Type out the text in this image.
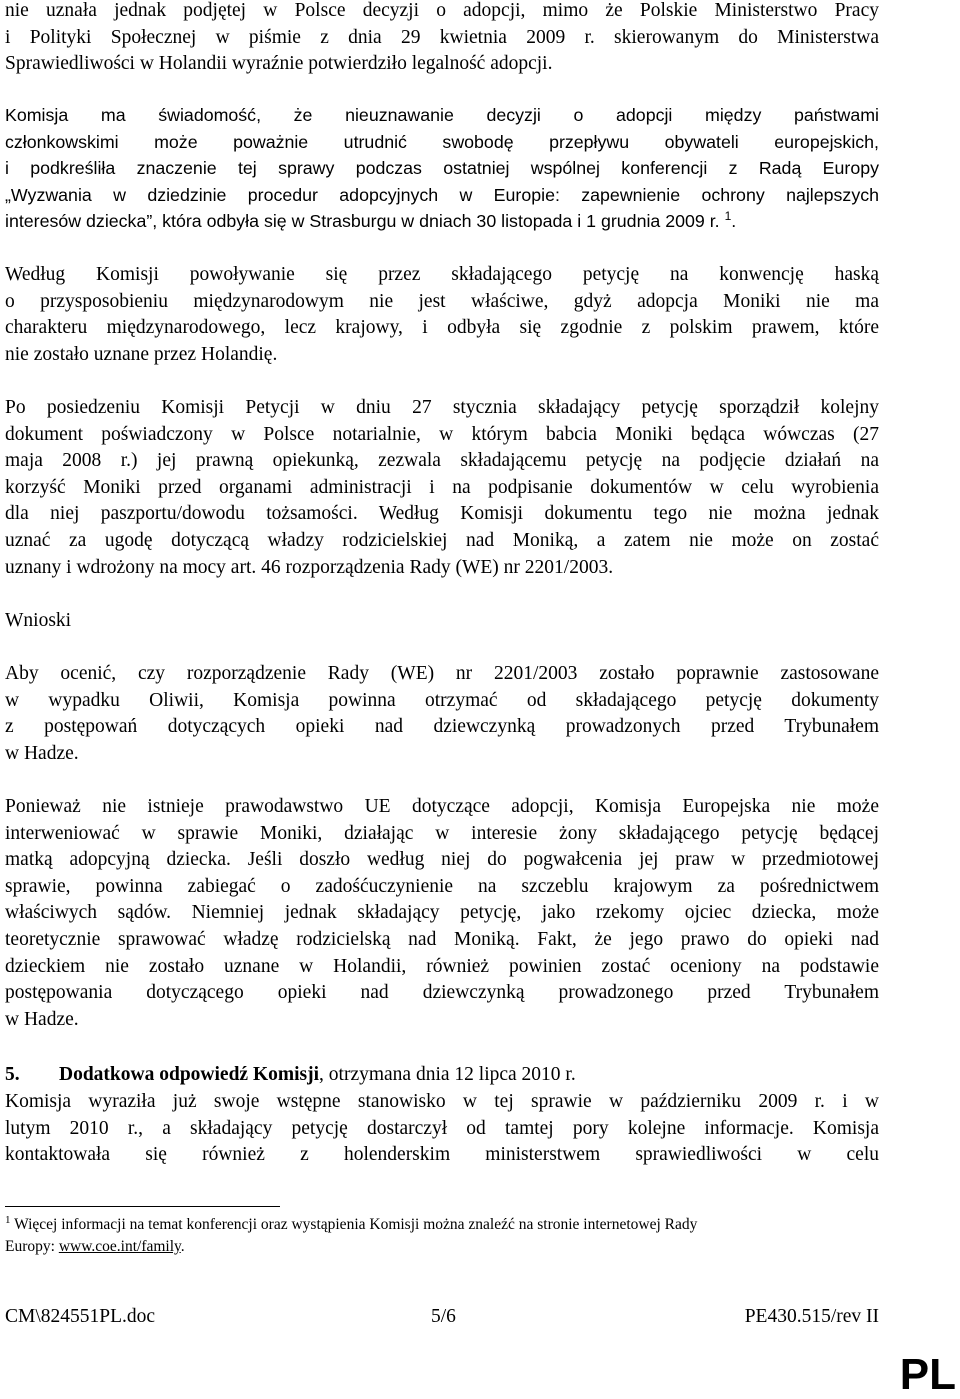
nie uznała jednak podjętej w Polsce decyzji o adopcji, mimo że Polskie Ministerstwo Pracy

i Polityki Społecznej w piśmie z dnia 29 kwietnia 2009 r. skierowanym do Ministerstwa

Sprawiedliwości w Holandii wyraźnie potwierdziło legalność adopcji.

Komisja ma świadomość, że nieuznawanie decyzji o adopcji między państwami

członkowskimi może poważnie utrudnić swobodę przepływu obywateli europejskich,

i podkreśliła znaczenie tej sprawy podczas ostatniej wspólnej konferencji z Radą Europy

„Wyzwania w dziedzinie procedur adopcyjnych w Europie: zapewnienie ochrony najlepszych

interesów dziecka”, która odbyła się w Strasburgu w dniach 30 listopada i 1 grudnia 2009 r. $^1$.

Według Komisji powoływanie się przez składającego petycję na konwencję haską

o przysposobieniu międzynarodowym nie jest właściwe, gdyż adopcja Moniki nie ma

charakteru międzynarodowego, lecz krajowy, i odbyła się zgodnie z polskim prawem, które

nie zostało uznane przez Holandię.

Po posiedzeniu Komisji Petycji w dniu 27 stycznia składający petycję sporządził kolejny

dokument poświadczony w Polsce notarialnie, w którym babcia Moniki będąca wówczas (27

maja 2008 r.) jej prawną opiekunką, zezwala składającemu petycję na podjęcie działań na

korzyść Moniki przed organami administracji i na podpisanie dokumentów w celu wyrobienia

dla niej paszportu/dowodu tożsamości. Według Komisji dokumentu tego nie można jednak

uznać za ugodę dotyczącą władzy rodzicielskiej nad Moniką, a zatem nie może on zostać

uznany i wdrożony na mocy art. 46 rozporządzenia Rady (WE) nr 2201/2003.

Wnioski

Aby ocenić, czy rozporządzenie Rady (WE) nr 2201/2003 zostało poprawnie zastosowane

w wypadku Oliwii, Komisja powinna otrzymać od składającego petycję dokumenty

z postępowań dotyczących opieki nad dziewczynką prowadzonych przed Trybunałem

w Hadze.

Ponieważ nie istnieje prawodawstwo UE dotyczące adopcji, Komisja Europejska nie może

interweniować w sprawie Moniki, działając w interesie żony składającego petycję będącej

matką adopcyjną dziecka. Jeśli doszło według niej do pogwałcenia jej praw w przedmiotowej

sprawie, powinna zabiegać o zadośćuczynienie na szczeblu krajowym za pośrednictwem

właściwych sądów. Niemniej jednak składający petycję, jako rzekomy ojciec dziecka, może

teoretycznie sprawować władzę rodzicielską nad Moniką. Fakt, że jego prawo do opieki nad

dzieckiem nie zostało uznane w Holandii, również powinien zostać oceniony na podstawie

postępowania dotyczącego opieki nad dziewczynką prowadzonego przed Trybunałem

w Hadze.

5. Dodatkowa odpowiedź Komisji, otrzymana dnia 12 lipca 2010 r.

Komisja wyraziła już swoje wstępne stanowisko w tej sprawie w październiku 2009 r. i w

lutym 2010 r., a składający petycję dostarczył od tamtej pory kolejne informacje. Komisja

kontaktowała się również z holenderskim ministerstwem sprawiedliwości w celu

$^1$ Więcej informacji na temat konferencji oraz wystąpienia Komisji można znaleźć na stronie internetowej Rady
Europy: www.coe.int/family.
CM\824551PL.doc	5/6	PE430.515/rev II
PL
